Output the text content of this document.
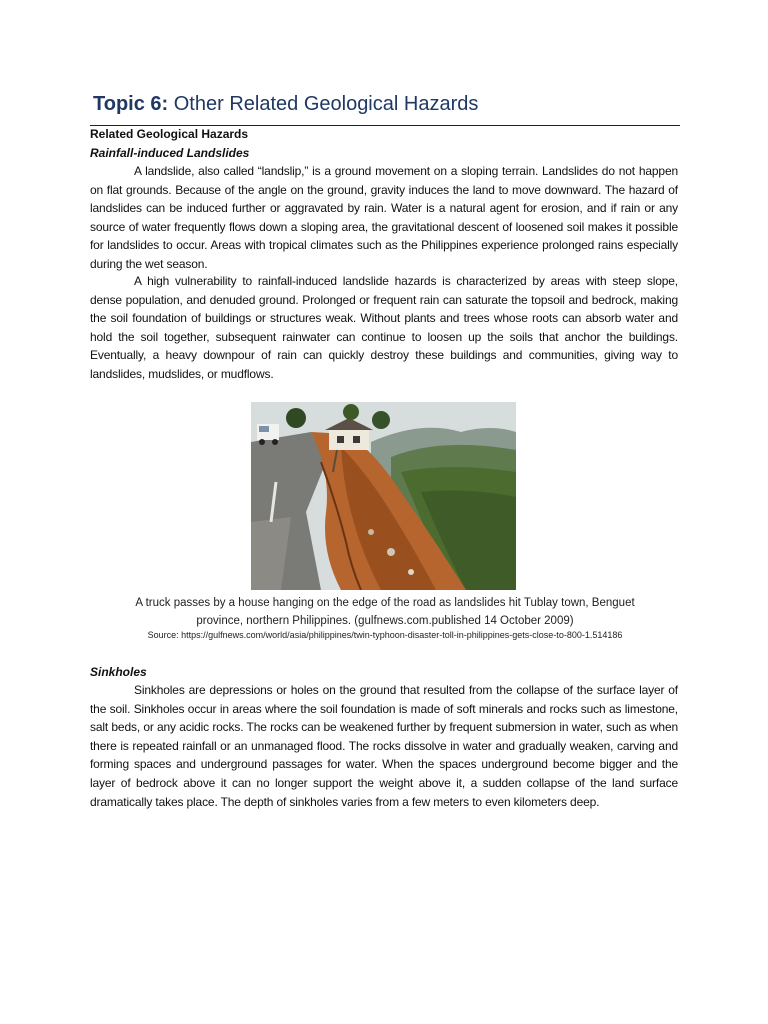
Topic 6: Other Related Geological Hazards
Related Geological Hazards
Rainfall-induced Landslides

A landslide, also called “landslip,” is a ground movement on a sloping terrain. Landslides do not happen on flat grounds. Because of the angle on the ground, gravity induces the land to move downward. The hazard of landslides can be induced further or aggravated by rain. Water is a natural agent for erosion, and if rain or any source of water frequently flows down a sloping area, the gravitational descent of loosened soil makes it possible for landslides to occur. Areas with tropical climates such as the Philippines experience prolonged rains especially during the wet season.

A high vulnerability to rainfall-induced landslide hazards is characterized by areas with steep slope, dense population, and denuded ground. Prolonged or frequent rain can saturate the topsoil and bedrock, making the soil foundation of buildings or structures weak. Without plants and trees whose roots can absorb water and hold the soil together, subsequent rainwater can continue to loosen up the soils that anchor the buildings. Eventually, a heavy downpour of rain can quickly destroy these buildings and communities, giving way to landslides, mudslides, or mudflows.

A truck passes by a house hanging on the edge of the road as landslides hit Tublay town, Benguet
province, northern Philippines. (gulfnews.com.published 14 October 2009)
Source: https://gulfnews.com/world/asia/philippines/twin-typhoon-disaster-toll-in-philippines-gets-close-to-800-1.514186
Sinkholes

Sinkholes are depressions or holes on the ground that resulted from the collapse of the surface layer of the soil. Sinkholes occur in areas where the soil foundation is made of soft minerals and rocks such as limestone, salt beds, or any acidic rocks. The rocks can be weakened further by frequent submersion in water, such as when there is repeated rainfall or an unmanaged flood. The rocks dissolve in water and gradually weaken, carving and forming spaces and underground passages for water. When the spaces underground become bigger and the layer of bedrock above it can no longer support the weight above it, a sudden collapse of the land surface dramatically takes place. The depth of sinkholes varies from a few meters to even kilometers deep.
